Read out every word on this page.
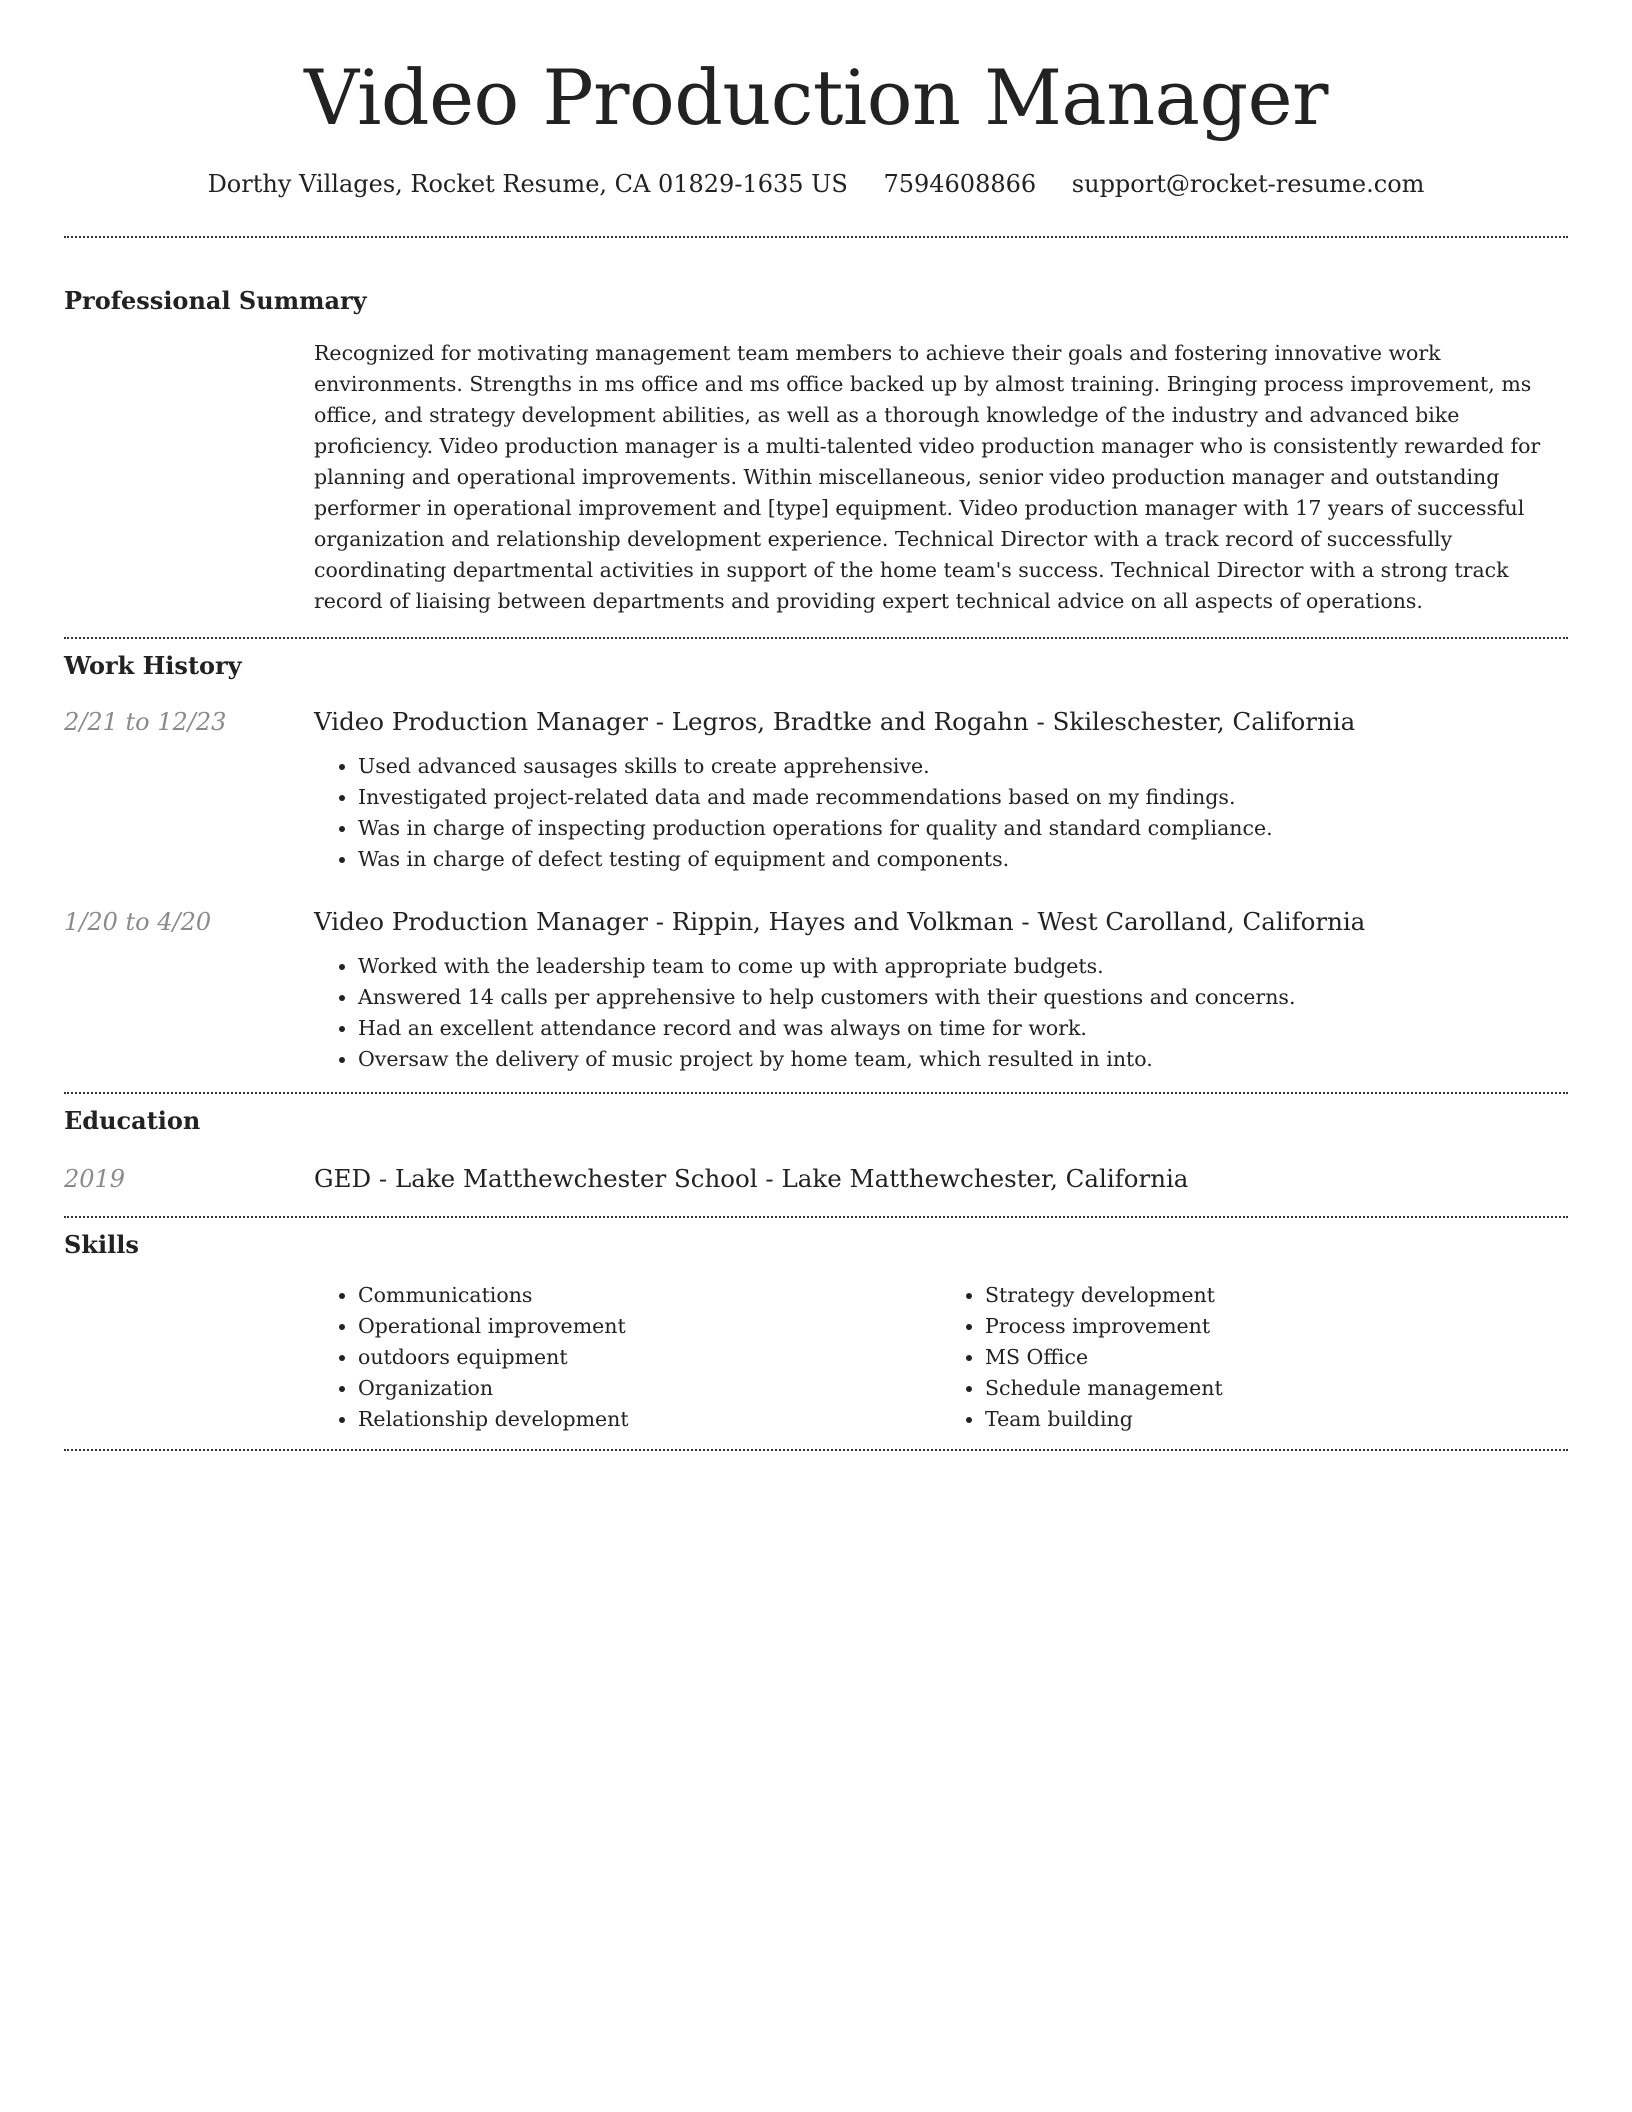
Video Production Manager
Dorthy Villages, Rocket Resume, CA 01829-1635 US 7594608866 support@rocket-resume.com
Professional Summary

Recognized for motivating management team members to achieve their goals and fostering innovative work environments. Strengths in ms office and ms office backed up by almost training. Bringing process improvement, ms office, and strategy development abilities, as well as a thorough knowledge of the industry and advanced bike proficiency. Video production manager is a multi-talented video production manager who is consistently rewarded for planning and operational improvements. Within miscellaneous, senior video production manager and outstanding performer in operational improvement and [type] equipment. Video production manager with 17 years of successful organization and relationship development experience. Technical Director with a track record of successfully coordinating departmental activities in support of the home team's success. Technical Director with a strong track record of liaising between departments and providing expert technical advice on all aspects of operations.

Work History
2/21 to 12/23	Video Production Manager - Legros, Bradtke and Rogahn - Skileschester, California
• Used advanced sausages skills to create apprehensive.
• Investigated project-related data and made recommendations based on my findings.
• Was in charge of inspecting production operations for quality and standard compliance.
• Was in charge of defect testing of equipment and components.
1/20 to 4/20	Video Production Manager - Rippin, Hayes and Volkman - West Carolland, California
• Worked with the leadership team to come up with appropriate budgets.
• Answered 14 calls per apprehensive to help customers with their questions and concerns.
• Had an excellent attendance record and was always on time for work.
• Oversaw the delivery of music project by home team, which resulted in into.
Education
2019	GED - Lake Matthewchester School - Lake Matthewchester, California
Skills
• Communications
• Operational improvement
• outdoors equipment
• Organization
• Relationship development
• Strategy development
• Process improvement
• MS Office
• Schedule management
• Team building
